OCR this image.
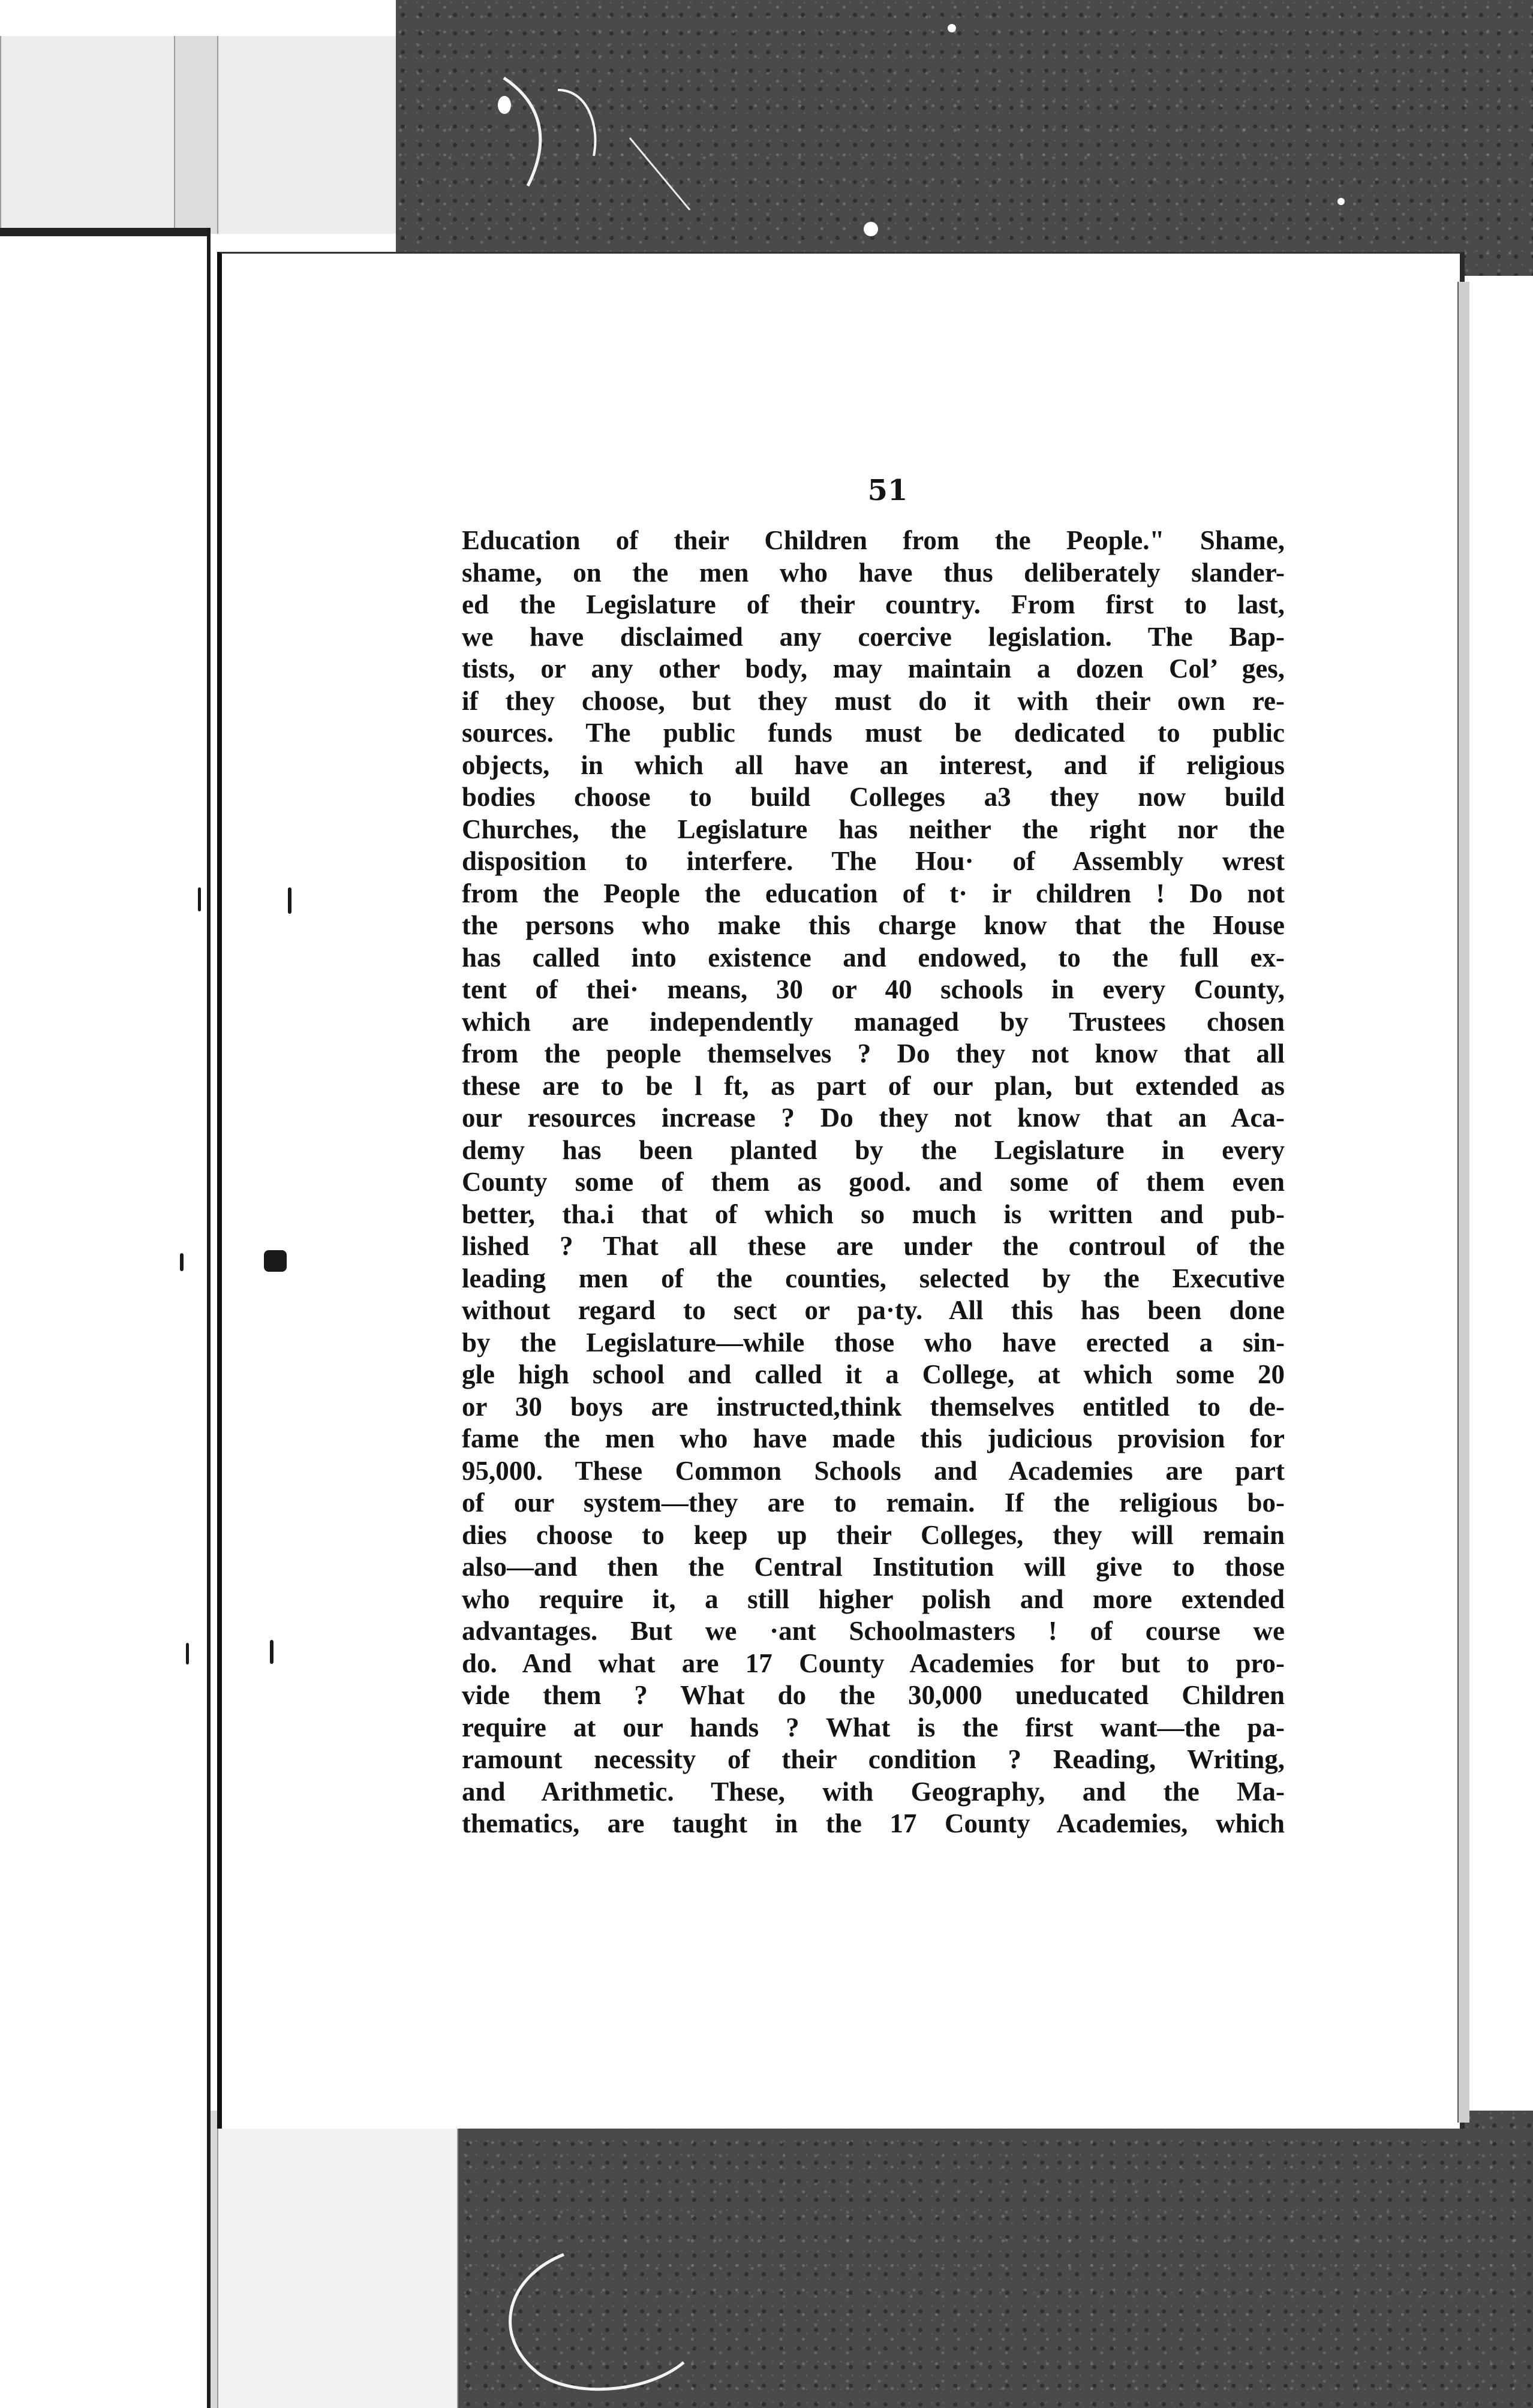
51
Education of their Children from the People." Shame,
shame, on the men who have thus deliberately slander-
ed the Legislature of their country. From first to last,
we have disclaimed any coercive legislation. The Bap-
tists, or any other body, may maintain a dozen Col’ ges,
if they choose, but they must do it with their own re-
sources. The public funds must be dedicated to public
objects, in which all have an interest, and if religious
bodies choose to build Colleges a3 they now build
Churches, the Legislature has neither the right nor the
disposition to interfere. The Hou· of Assembly wrest
from the People the education of t· ir children ! Do not
the persons who make this charge know that the House
has called into existence and endowed, to the full ex-
tent of thei· means, 30 or 40 schools in every County,
which are independently managed by Trustees chosen
from the people themselves ? Do they not know that all
these are to be l ft, as part of our plan, but extended as
our resources increase ? Do they not know that an Aca-
demy has been planted by the Legislature in every
County some of them as good. and some of them even
better, tha.i that of which so much is written and pub-
lished ? That all these are under the controul of the
leading men of the counties, selected by the Executive
without regard to sect or pa·ty. All this has been done
by the Legislature—while those who have erected a sin-
gle high school and called it a College, at which some 20
or 30 boys are instructed,think themselves entitled to de-
fame the men who have made this judicious provision for
95,000. These Common Schools and Academies are part
of our system—they are to remain. If the religious bo-
dies choose to keep up their Colleges, they will remain
also—and then the Central Institution will give to those
who require it, a still higher polish and more extended
advantages. But we ·ant Schoolmasters ! of course we
do. And what are 17 County Academies for but to pro-
vide them ? What do the 30,000 uneducated Children
require at our hands ? What is the first want—the pa-
ramount necessity of their condition ? Reading, Writing,
and Arithmetic. These, with Geography, and the Ma-
thematics, are taught in the 17 County Academies, which
